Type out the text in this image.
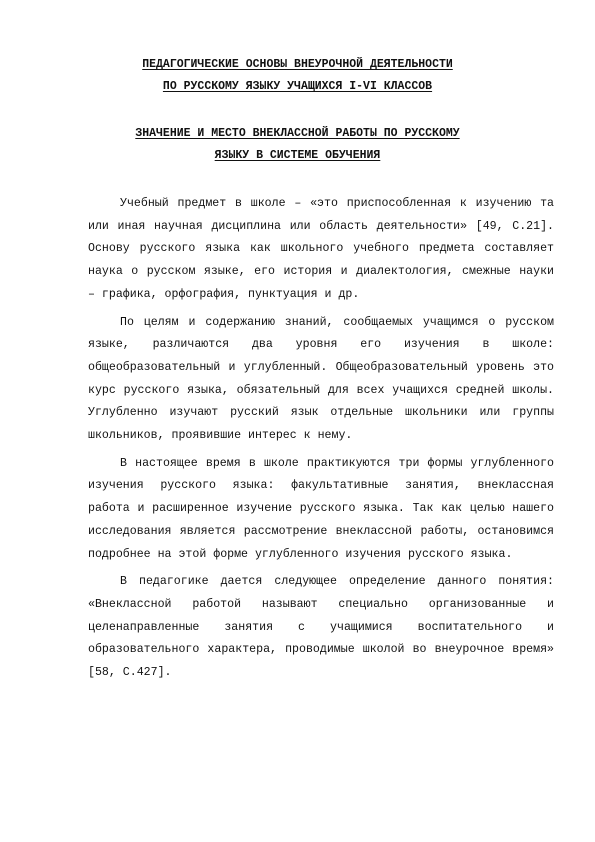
ПЕДАГОГИЧЕСКИЕ ОСНОВЫ ВНЕУРОЧНОЙ ДЕЯТЕЛЬНОСТИ
ПО РУССКОМУ ЯЗЫКУ УЧАЩИХСЯ I-VI КЛАССОВ
ЗНАЧЕНИЕ И МЕСТО ВНЕКЛАССНОЙ РАБОТЫ ПО РУССКОМУ
ЯЗЫКУ В СИСТЕМЕ ОБУЧЕНИЯ

Учебный предмет в школе – «это приспособленная к изучению та или иная научная дисциплина или область деятельности» [49, С.21]. Основу русского языка как школьного учебного предмета составляет наука о русском языке, его история и диалектология, смежные науки – графика, орфография, пунктуация и др.

По целям и содержанию знаний, сообщаемых учащимся о русском языке, различаются два уровня его изучения в школе: общеобразовательный и углубленный. Общеобразовательный уровень это курс русского языка, обязательный для всех учащихся средней школы. Углубленно изучают русский язык отдельные школьники или группы школьников, проявившие интерес к нему.

В настоящее время в школе практикуются три формы углубленного изучения русского языка: факультативные занятия, внеклассная работа и расширенное изучение русского языка. Так как целью нашего исследования является рассмотрение внеклассной работы, остановимся подробнее на этой форме углубленного изучения русского языка.

В педагогике дается следующее определение данного понятия: «Внеклассной работой называют специально организованные и целенаправленные занятия с учащимися воспитательного и образовательного характера, проводимые школой во внеурочное время» [58, С.427].
